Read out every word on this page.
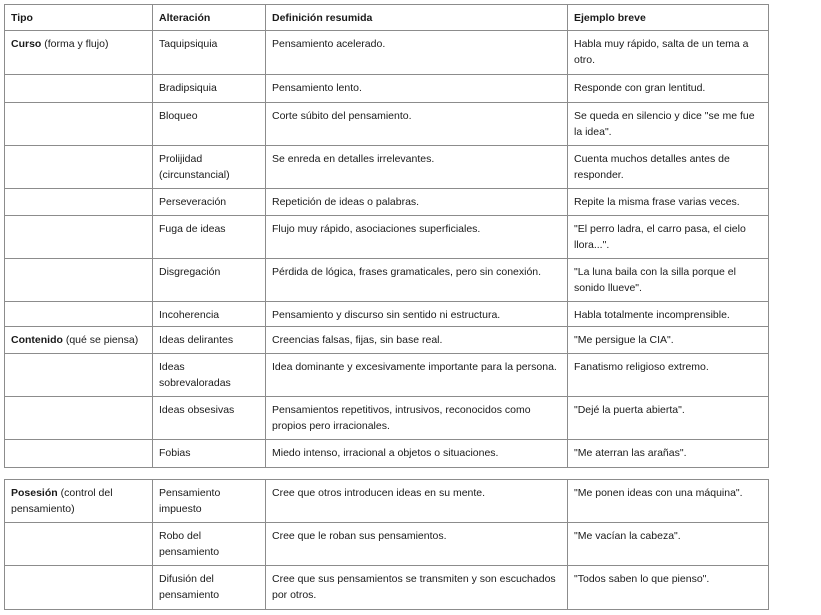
Tipo	Alteración	Definición resumida	Ejemplo breve
Curso (forma y flujo)	Taquipsiquia	Pensamiento acelerado.	Habla muy rápido, salta de un tema a otro.
	Bradipsiquia	Pensamiento lento.	Responde con gran lentitud.
	Bloqueo	Corte súbito del pensamiento.	Se queda en silencio y dice "se me fue la idea".
	Prolijidad (circunstancial)	Se enreda en detalles irrelevantes.	Cuenta muchos detalles antes de responder.
	Perseveración	Repetición de ideas o palabras.	Repite la misma frase varias veces.
	Fuga de ideas	Flujo muy rápido, asociaciones superficiales.	"El perro ladra, el carro pasa, el cielo llora...".
	Disgregación	Pérdida de lógica, frases gramaticales, pero sin conexión.	"La luna baila con la silla porque el sonido llueve".
	Incoherencia	Pensamiento y discurso sin sentido ni estructura.	Habla totalmente incomprensible.
Contenido (qué se piensa)	Ideas delirantes	Creencias falsas, fijas, sin base real.	"Me persigue la CIA".
	Ideas sobrevaloradas	Idea dominante y excesivamente importante para la persona.	Fanatismo religioso extremo.
	Ideas obsesivas	Pensamientos repetitivos, intrusivos, reconocidos como propios pero irracionales.	"Dejé la puerta abierta".
	Fobias	Miedo intenso, irracional a objetos o situaciones.	"Me aterran las arañas".
Posesión (control del pensamiento)	Pensamiento impuesto	Cree que otros introducen ideas en su mente.	"Me ponen ideas con una máquina".
	Robo del pensamiento	Cree que le roban sus pensamientos.	"Me vacían la cabeza".
	Difusión del pensamiento	Cree que sus pensamientos se transmiten y son escuchados por otros.	"Todos saben lo que pienso".
